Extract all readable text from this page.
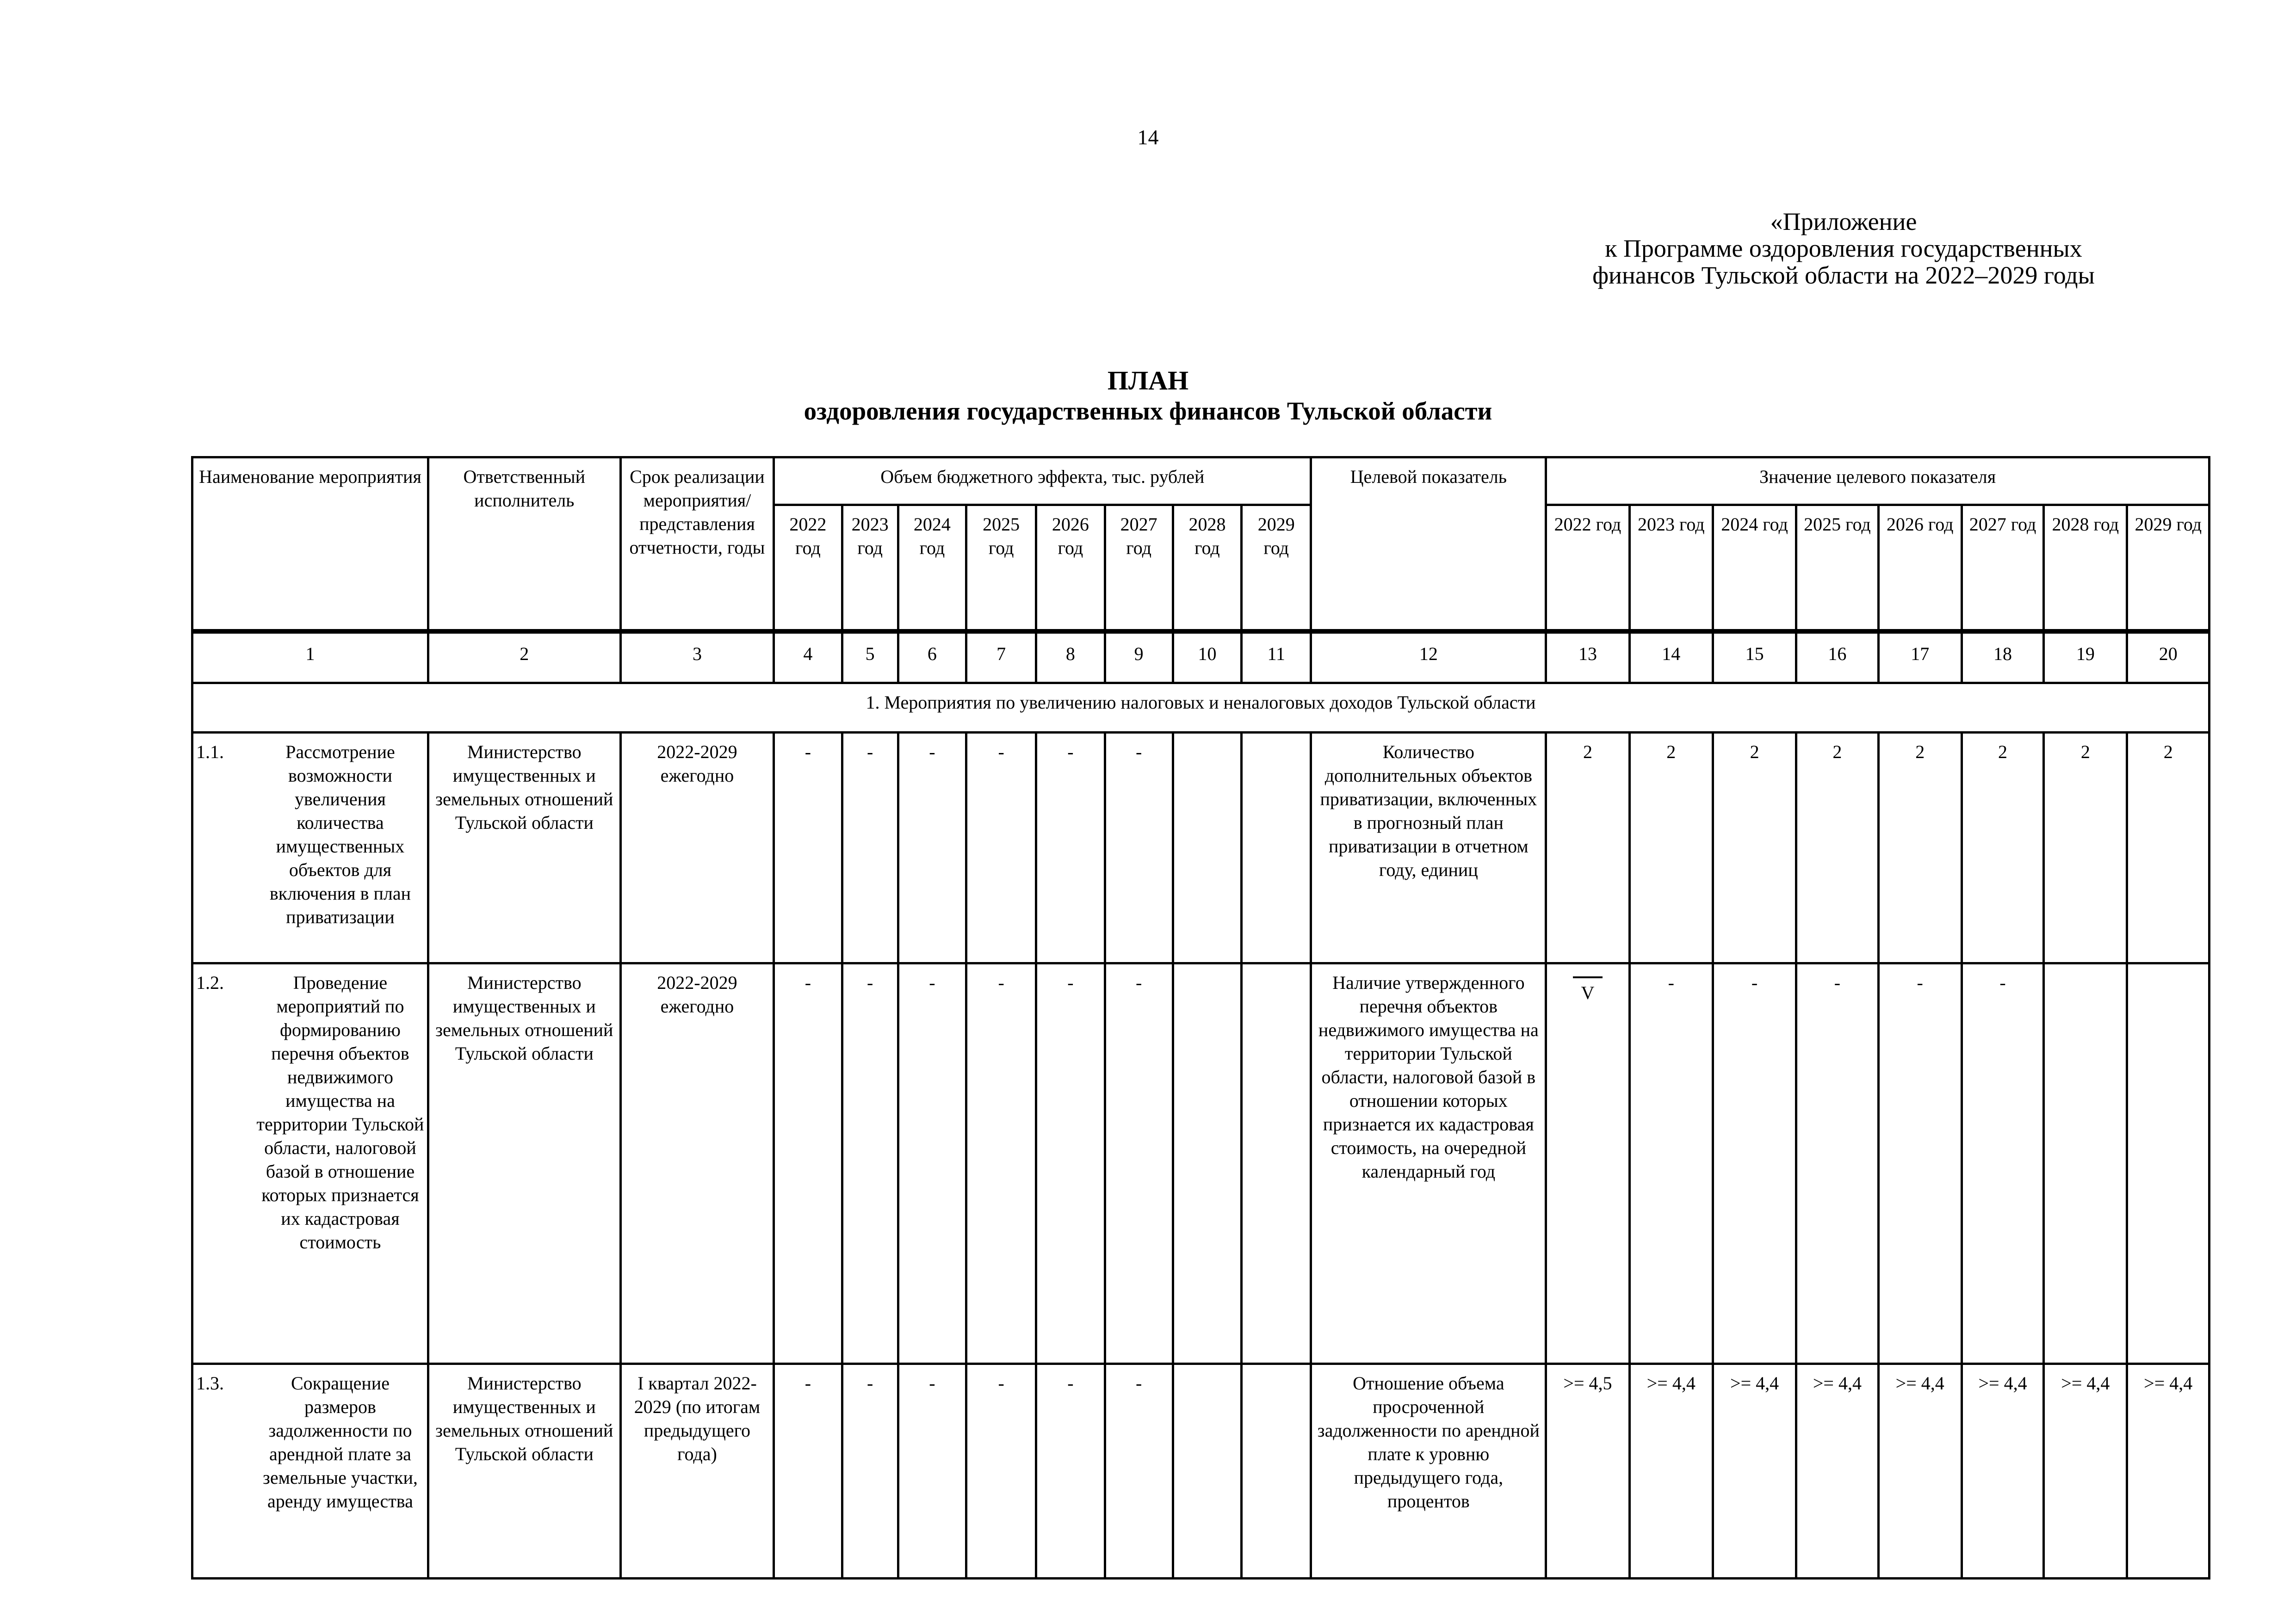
14
«Приложение
к Программе оздоровления государственных
финансов Тульской области на 2022–2029 годы
ПЛАН
оздоровления государственных финансов Тульской области
Наименование мероприятия	Ответственный исполнитель	Срок реализации мероприятия/ представления отчетности, годы	Объем бюджетного эффекта, тыс. рублей								Целевой показатель	Значение целевого показателя							
			2022 год	2023 год	2024 год	2025 год	2026 год	2027 год	2028 год	2029 год		2022 год	2023 год	2024 год	2025 год	2026 год	2027 год	2028 год	2029 год

1	2	3	4	5	6	7	8	9	10	11	12	13	14	15	16	17	18	19	20
1. Мероприятия по увеличению налоговых и неналоговых доходов Тульской области																			

1.1. Рассмотрение возможности увеличения количества имущественных объектов для включения в план приватизации	Министерство имущественных и земельных отношений Тульской области	2022-2029 ежегодно	-	-	-	-	-	-			Количество дополнительных объектов приватизации, включенных в прогнозный план приватизации в отчетном году, единиц	2	2	2	2	2	2	2	2

1.2. Проведение мероприятий по формированию перечня объектов недвижимого имущества на территории Тульской области, налоговой базой в отношение которых признается их кадастровая стоимость	Министерство имущественных и земельных отношений Тульской области	2022-2029 ежегодно	-	-	-	-	-	-			Наличие утвержденного перечня объектов недвижимого имущества на территории Тульской области, налоговой базой в отношении которых признается их кадастровая стоимость, на очередной календарный год	V	-	-	-	-	-		

1.3. Сокращение размеров задолженности по арендной плате за земельные участки, аренду имущества	Министерство имущественных и земельных отношений Тульской области	I квартал 2022-2029 (по итогам предыдущего года)	-	-	-	-	-	-			Отношение объема просроченной задолженности по арендной плате к уровню предыдущего года, процентов	>= 4,5	>= 4,4	>= 4,4	>= 4,4	>= 4,4	>= 4,4	>= 4,4	>= 4,4
